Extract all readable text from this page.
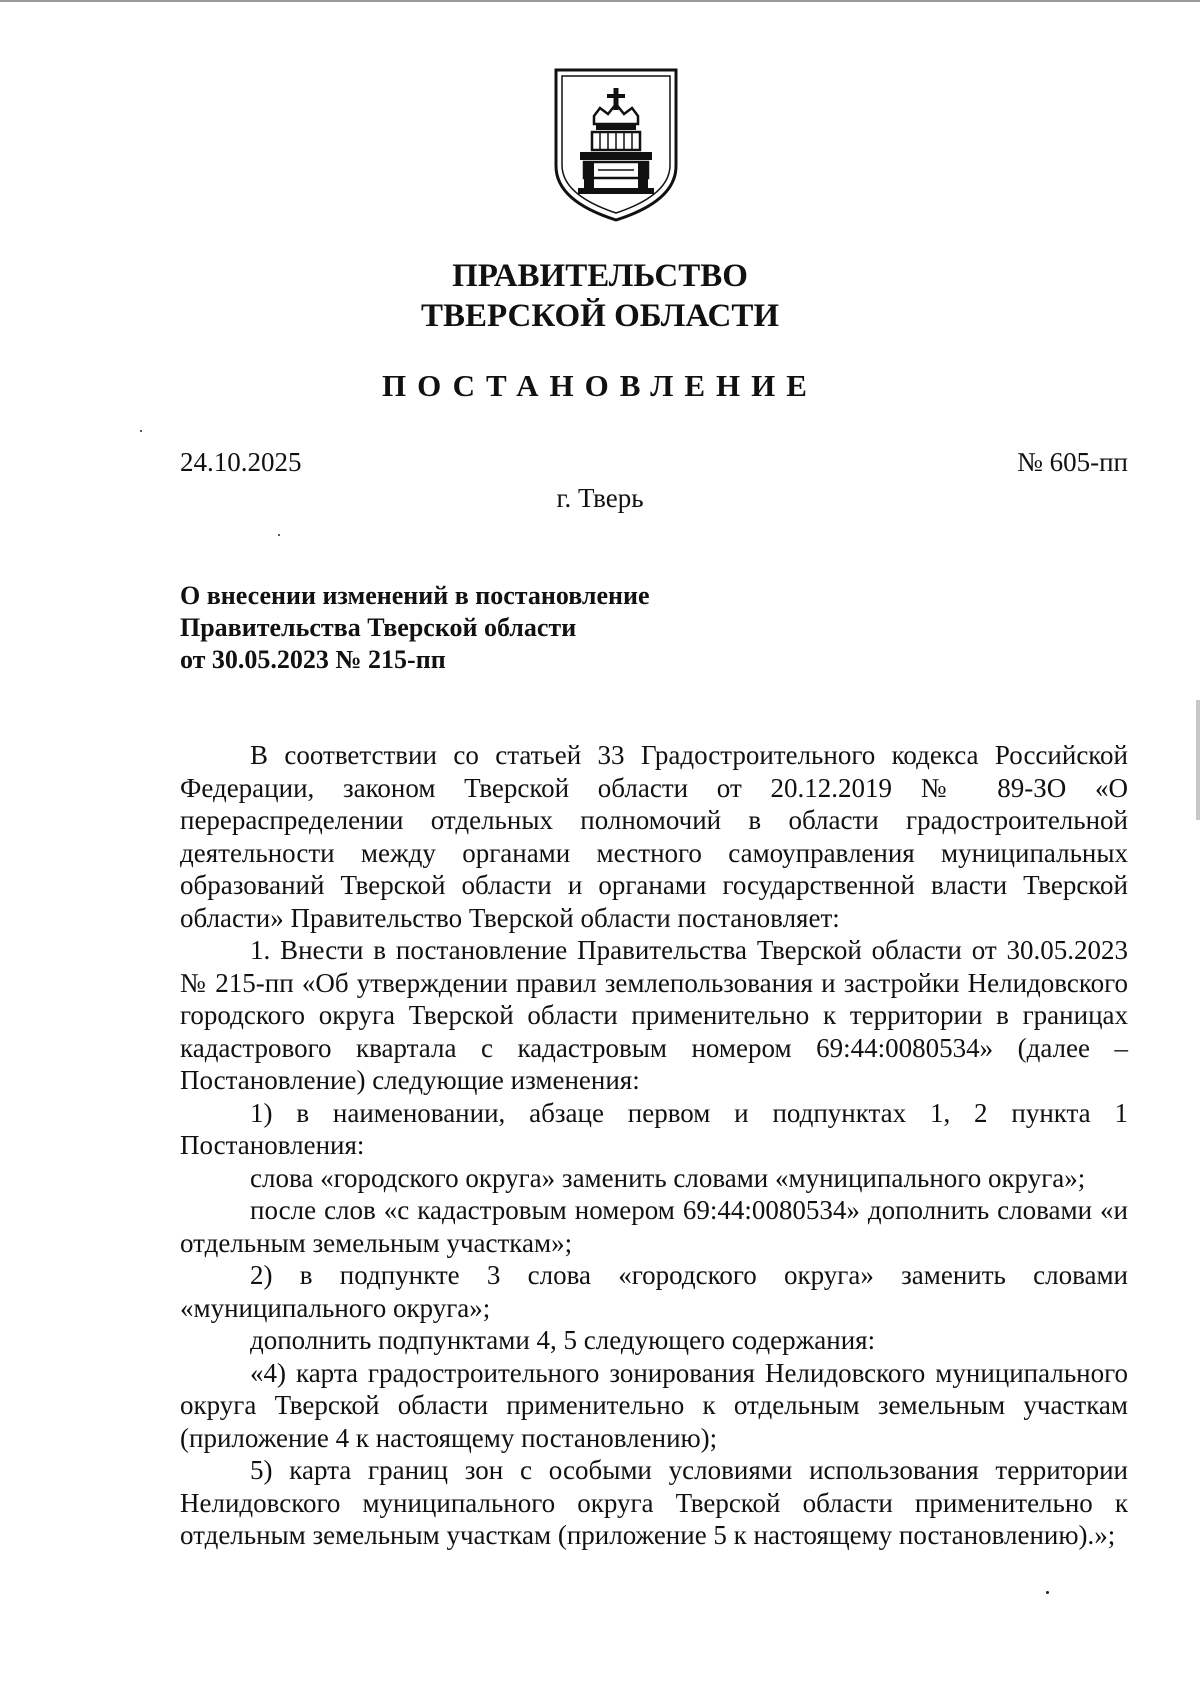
ПРАВИТЕЛЬСТВО
ТВЕРСКОЙ ОБЛАСТИ
ПОСТАНОВЛЕНИЕ
24.10.2025	№ 605-пп
г. Тверь
О внесении изменений в постановление
Правительства Тверской области
от 30.05.2023 № 215-пп

В соответствии со статьей 33 Градостроительного кодекса Российской Федерации, законом Тверской области от 20.12.2019 № 89-ЗО «О перераспределении отдельных полномочий в области градостроительной деятельности между органами местного самоуправления муниципальных образований Тверской области и органами государственной власти Тверской области» Правительство Тверской области постановляет:

1. Внести в постановление Правительства Тверской области от 30.05.2023 № 215-пп «Об утверждении правил землепользования и застройки Нелидовского городского округа Тверской области применительно к территории в границах кадастрового квартала с кадастровым номером 69:44:0080534» (далее – Постановление) следующие изменения:

1) в наименовании, абзаце первом и подпунктах 1, 2 пункта 1 Постановления:

слова «городского округа» заменить словами «муниципального округа»;

после слов «с кадастровым номером 69:44:0080534» дополнить словами «и отдельным земельным участкам»;

2) в подпункте 3 слова «городского округа» заменить словами «муниципального округа»;

дополнить подпунктами 4, 5 следующего содержания:

«4) карта градостроительного зонирования Нелидовского муниципального округа Тверской области применительно к отдельным земельным участкам (приложение 4 к настоящему постановлению);

5) карта границ зон с особыми условиями использования территории Нелидовского муниципального округа Тверской области применительно к отдельным земельным участкам (приложение 5 к настоящему постановлению).»;
